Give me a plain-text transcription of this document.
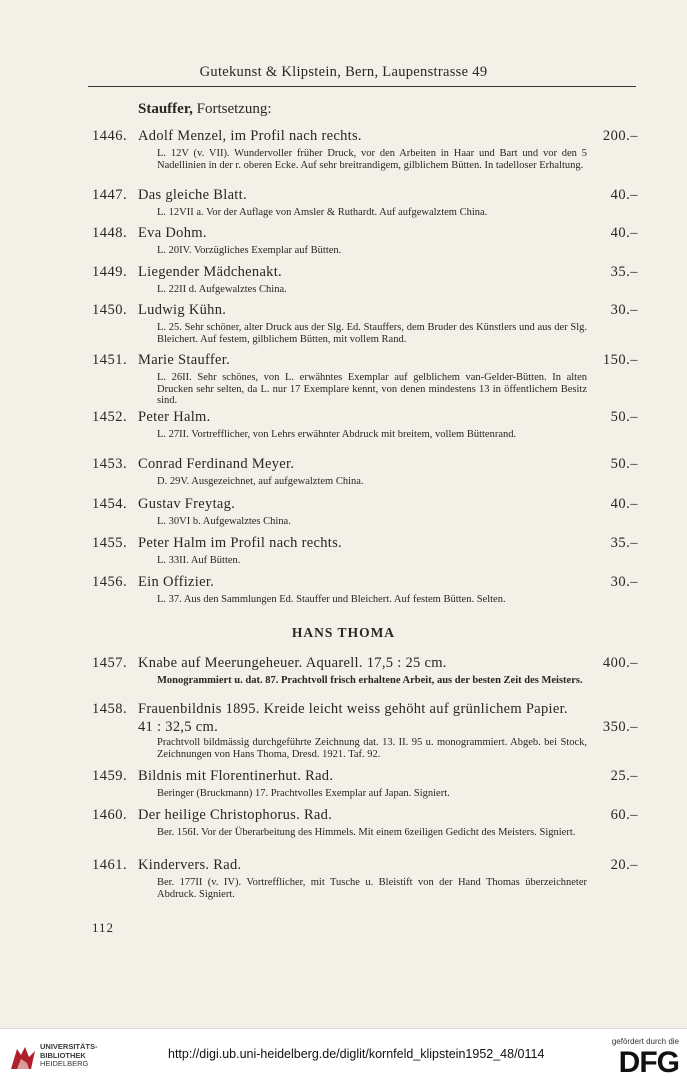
Gutekunst & Klipstein, Bern, Laupenstrasse 49
Stauffer, Fortsetzung:
1446. Adolf Menzel, im Profil nach rechts.	200.–
L. 12V (v. VII). Wundervoller früher Druck, vor den Arbeiten in Haar und Bart und vor den 5 Nadellinien in der r. oberen Ecke. Auf sehr breitrandigem, gilblichem Bütten. In tadelloser Erhaltung.
1447. Das gleiche Blatt.	40.–
L. 12VII a. Vor der Auflage von Amsler & Ruthardt. Auf aufgewalztem China.
1448. Eva Dohm.	40.–
L. 20IV. Vorzügliches Exemplar auf Bütten.
1449. Liegender Mädchenakt.	35.–
L. 22II d. Aufgewalztes China.
1450. Ludwig Kühn.	30.–
L. 25. Sehr schöner, alter Druck aus der Slg. Ed. Stauffers, dem Bruder des Künstlers und aus der Slg. Bleichert. Auf festem, gilblichem Bütten, mit vollem Rand.
1451. Marie Stauffer.	150.–
L. 26II. Sehr schönes, von L. erwähntes Exemplar auf gelblichem van-Gelder-Bütten. In alten Drucken sehr selten, da L. nur 17 Exemplare kennt, von denen mindestens 13 in öffentlichem Besitz sind.
1452. Peter Halm.	50.–
L. 27II. Vortrefflicher, von Lehrs erwähnter Abdruck mit breitem, vollem Büttenrand.
1453. Conrad Ferdinand Meyer.	50.–
D. 29V. Ausgezeichnet, auf aufgewalztem China.
1454. Gustav Freytag.	40.–
L. 30VI b. Aufgewalztes China.
1455. Peter Halm im Profil nach rechts.	35.–
L. 33II. Auf Bütten.
1456. Ein Offizier.	30.–
L. 37. Aus den Sammlungen Ed. Stauffer und Bleichert. Auf festem Bütten. Selten.
HANS THOMA
1457. Knabe auf Meerungeheuer. Aquarell. 17,5 : 25 cm.	400.–
Monogrammiert u. dat. 87. Prachtvoll frisch erhaltene Arbeit, aus der besten Zeit des Meisters.
1458. Frauenbildnis 1895. Kreide leicht weiss gehöht auf grünlichem Papier.
41 : 32,5 cm.	350.–
Prachtvoll bildmässig durchgeführte Zeichnung dat. 13. II. 95 u. monogrammiert. Abgeb. bei Stock, Zeichnungen von Hans Thoma, Dresd. 1921. Taf. 92.
1459. Bildnis mit Florentinerhut. Rad.	25.–
Beringer (Bruckmann) 17. Prachtvolles Exemplar auf Japan. Signiert.
1460. Der heilige Christophorus. Rad.	60.–
Ber. 156I. Vor der Überarbeitung des Himmels. Mit einem 6zeiligen Gedicht des Meisters. Signiert.
1461. Kindervers. Rad.	20.–
Ber. 177II (v. IV). Vortrefflicher, mit Tusche u. Bleistift von der Hand Thomas überzeichneter Abdruck. Signiert.
112
UNIVERSITÄTS-
BIBLIOTHEK
HEIDELBERG
http://digi.ub.uni-heidelberg.de/diglit/kornfeld_klipstein1952_48/0114
gefördert durch die
DFG
